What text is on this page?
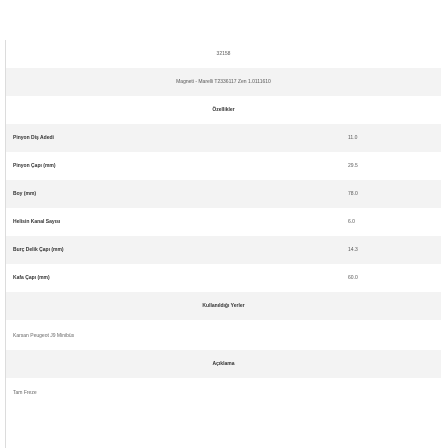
32158
Magneti - Marelli T2336117 Zen 1.0111610
Özellikler
Pinyon Diş Adedi	11.0
Pinyon Çapı (mm)	29.5
Boy (mm)	78.0
Helisin Kanal Sayısı	6.0
Burç Delik Çapı (mm)	14.3
Kafa Çapı (mm)	60.0
Kullanıldığı Yerler
Karsan Peugeot J9 Minibüs
Açıklama
Tam Freze
